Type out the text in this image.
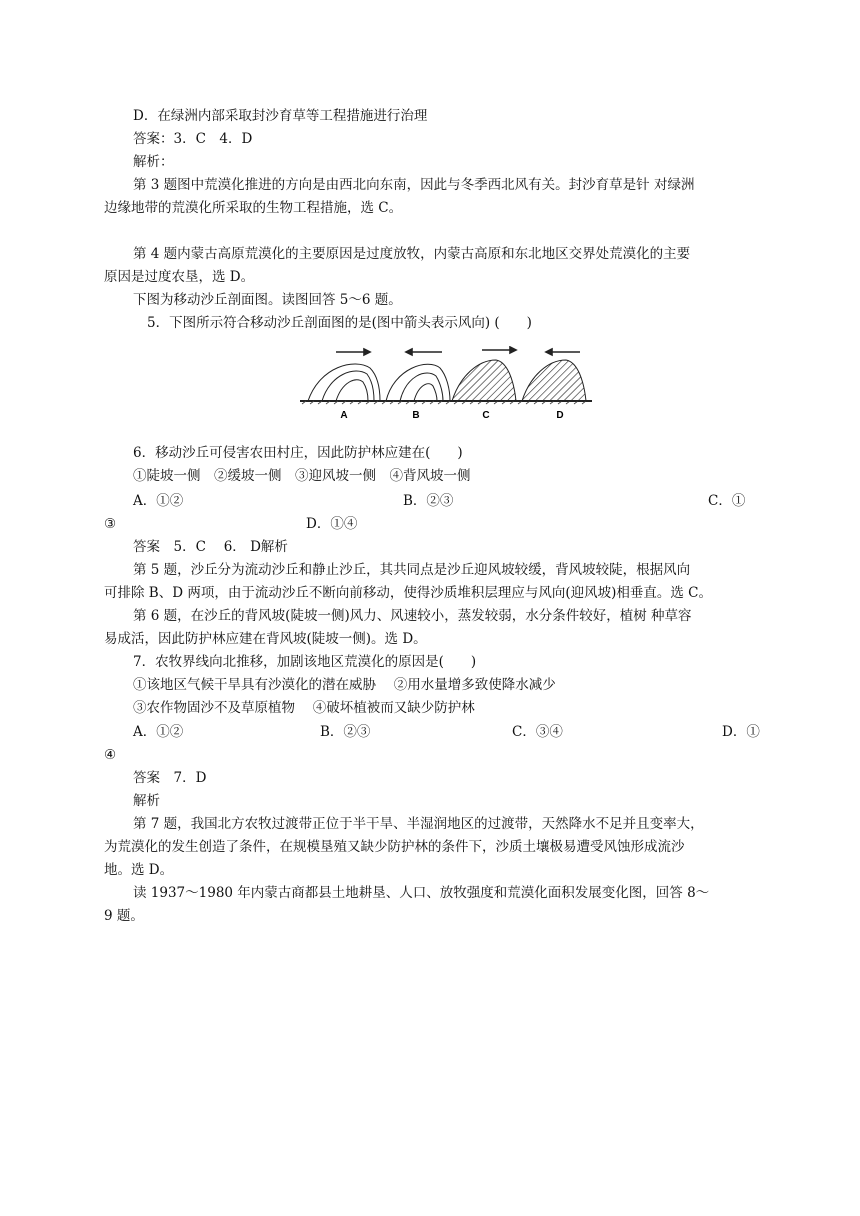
D．在绿洲内部采取封沙育草等工程措施进行治理
答案：3．C　4．D
解析：
第 3 题图中荒漠化推进的方向是由西北向东南，因此与冬季西北风有关。封沙育草是针 对绿洲
边缘地带的荒漠化所采取的生物工程措施，选 C。
第 4 题内蒙古高原荒漠化的主要原因是过度放牧，内蒙古高原和东北地区交界处荒漠化的主要
原因是过度农垦，选 D。
下图为移动沙丘剖面图。读图回答 5～6 题。
5．下图所示符合移动沙丘剖面图的是(图中箭头表示风向) (　　)
A	B	C	D
6．移动沙丘可侵害农田村庄，因此防护林应建在(　　)
①陡坡一侧　②缓坡一侧　③迎风坡一侧　④背风坡一侧
A．①②	B．②③	C．①
③	D．①④
答案　5．C　 6． D解析
第 5 题，沙丘分为流动沙丘和静止沙丘，其共同点是沙丘迎风坡较缓，背风坡较陡，根据风向
可排除 B、D 两项，由于流动沙丘不断向前移动，使得沙质堆积层理应与风向(迎风坡)相垂直。选 C。
第 6 题，在沙丘的背风坡(陡坡一侧)风力、风速较小，蒸发较弱，水分条件较好，植树 种草容
易成活，因此防护林应建在背风坡(陡坡一侧)。选 D。
7．农牧界线向北推移，加剧该地区荒漠化的原因是(　　)
①该地区气候干旱具有沙漠化的潜在威胁　 ②用水量增多致使降水减少
③农作物固沙不及草原植物　 ④破坏植被而又缺少防护林
A．①②	B．②③	C．③④	D．①
④
答案　7．D
解析
第 7 题，我国北方农牧过渡带正位于半干旱、半湿润地区的过渡带，天然降水不足并且变率大，
为荒漠化的发生创造了条件，在规模垦殖又缺少防护林的条件下，沙质土壤极易遭受风蚀形成流沙
地。选 D。
读 1937～1980 年内蒙古商都县土地耕垦、人口、放牧强度和荒漠化面积发展变化图，回答 8～
9 题。
